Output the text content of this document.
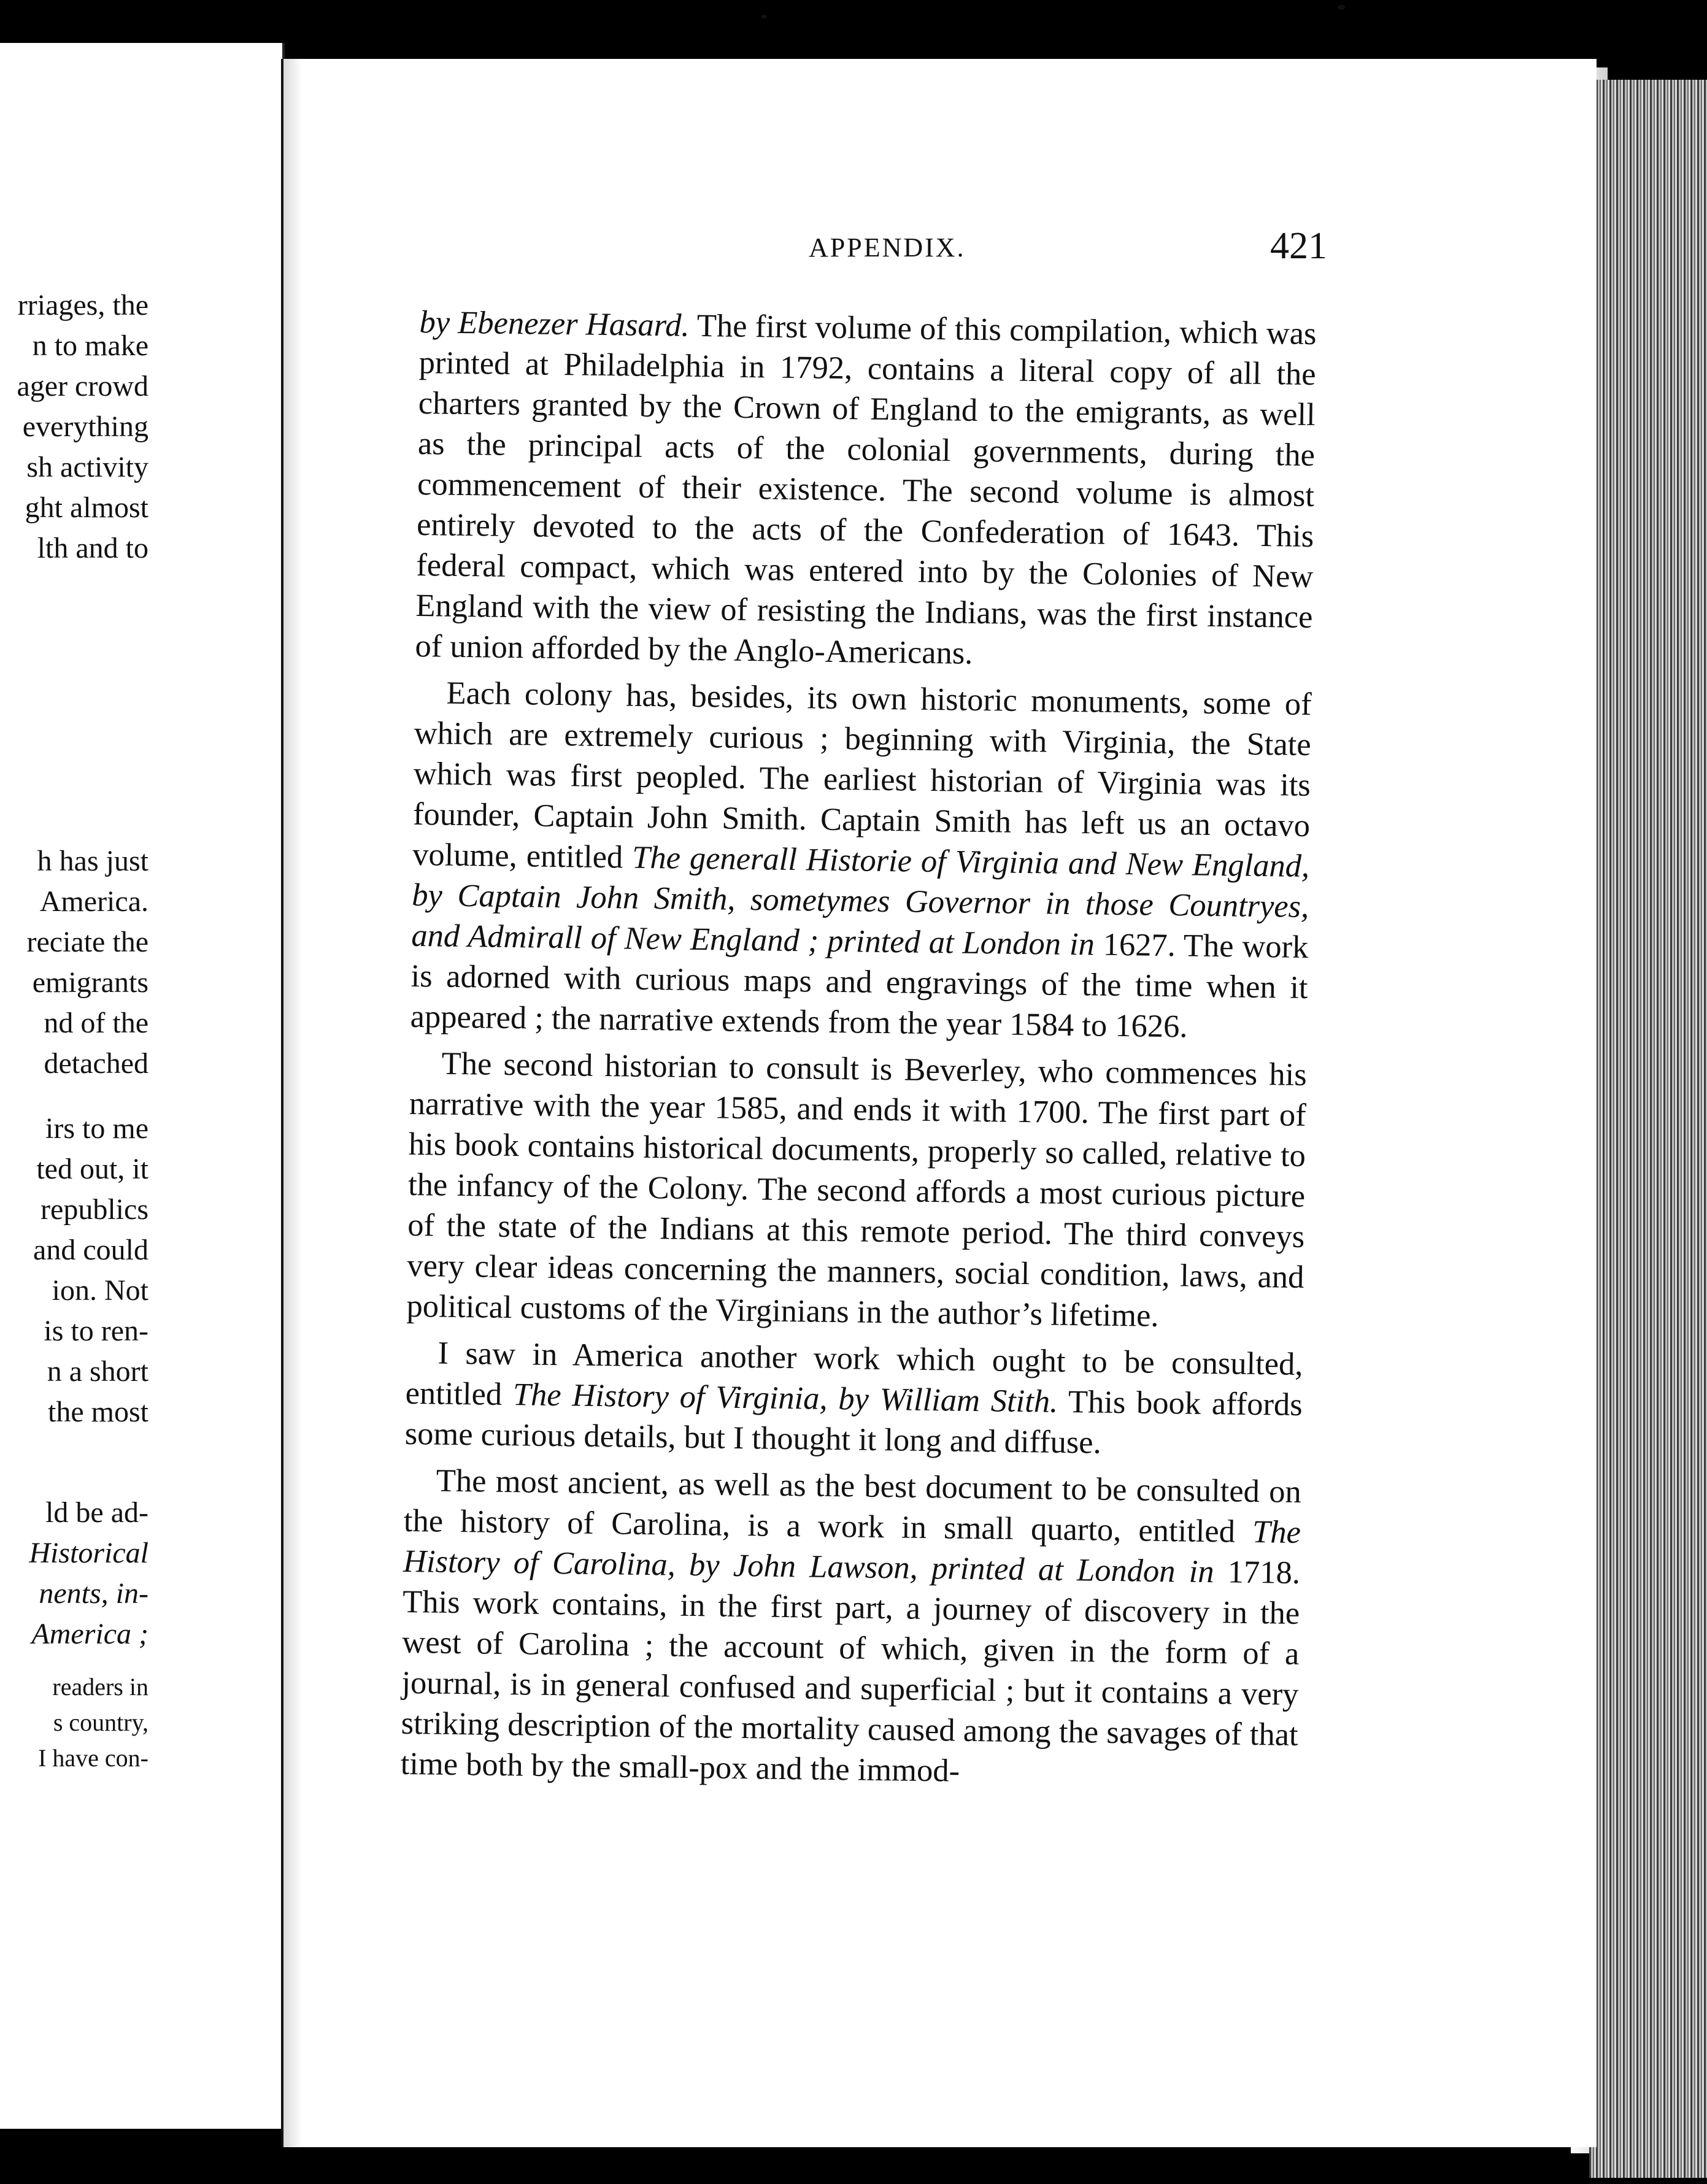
rriages, the
n to make
ager crowd
everything
sh activity
ght almost
lth and to
h has just
America.
reciate the
emigrants
nd of the
detached
irs to me
ted out, it
republics
and could
ion. Not
is to ren-
n a short
the most
ld be ad-
Historical
nents, in-
America ;
readers in
s country,
I have con-
APPENDIX.	421

by Ebenezer Hasard. The first volume of this compilation, which was printed at Philadelphia in 1792, contains a literal copy of all the charters granted by the Crown of England to the emigrants, as well as the principal acts of the colonial governments, during the commencement of their existence. The second volume is almost entirely devoted to the acts of the Confederation of 1643. This federal compact, which was entered into by the Colonies of New England with the view of resisting the Indians, was the first instance of union afforded by the Anglo-Americans.

Each colony has, besides, its own historic monuments, some of which are extremely curious ; beginning with Virginia, the State which was first peopled. The earliest historian of Virginia was its founder, Captain John Smith. Captain Smith has left us an octavo volume, entitled The generall Historie of Virginia and New England, by Captain John Smith, sometymes Governor in those Countryes, and Admirall of New England ; printed at London in 1627. The work is adorned with curious maps and engravings of the time when it appeared ; the narrative extends from the year 1584 to 1626.

The second historian to consult is Beverley, who commences his narrative with the year 1585, and ends it with 1700. The first part of his book contains historical documents, properly so called, relative to the infancy of the Colony. The second affords a most curious picture of the state of the Indians at this remote period. The third conveys very clear ideas concerning the manners, social condition, laws, and political customs of the Virginians in the author’s lifetime.

I saw in America another work which ought to be consulted, entitled The History of Virginia, by William Stith. This book affords some curious details, but I thought it long and diffuse.

The most ancient, as well as the best document to be consulted on the history of Carolina, is a work in small quarto, entitled The History of Carolina, by John Lawson, printed at London in 1718. This work contains, in the first part, a journey of discovery in the west of Carolina ; the account of which, given in the form of a journal, is in general confused and superficial ; but it contains a very striking description of the mortality caused among the savages of that time both by the small-pox and the immod-
